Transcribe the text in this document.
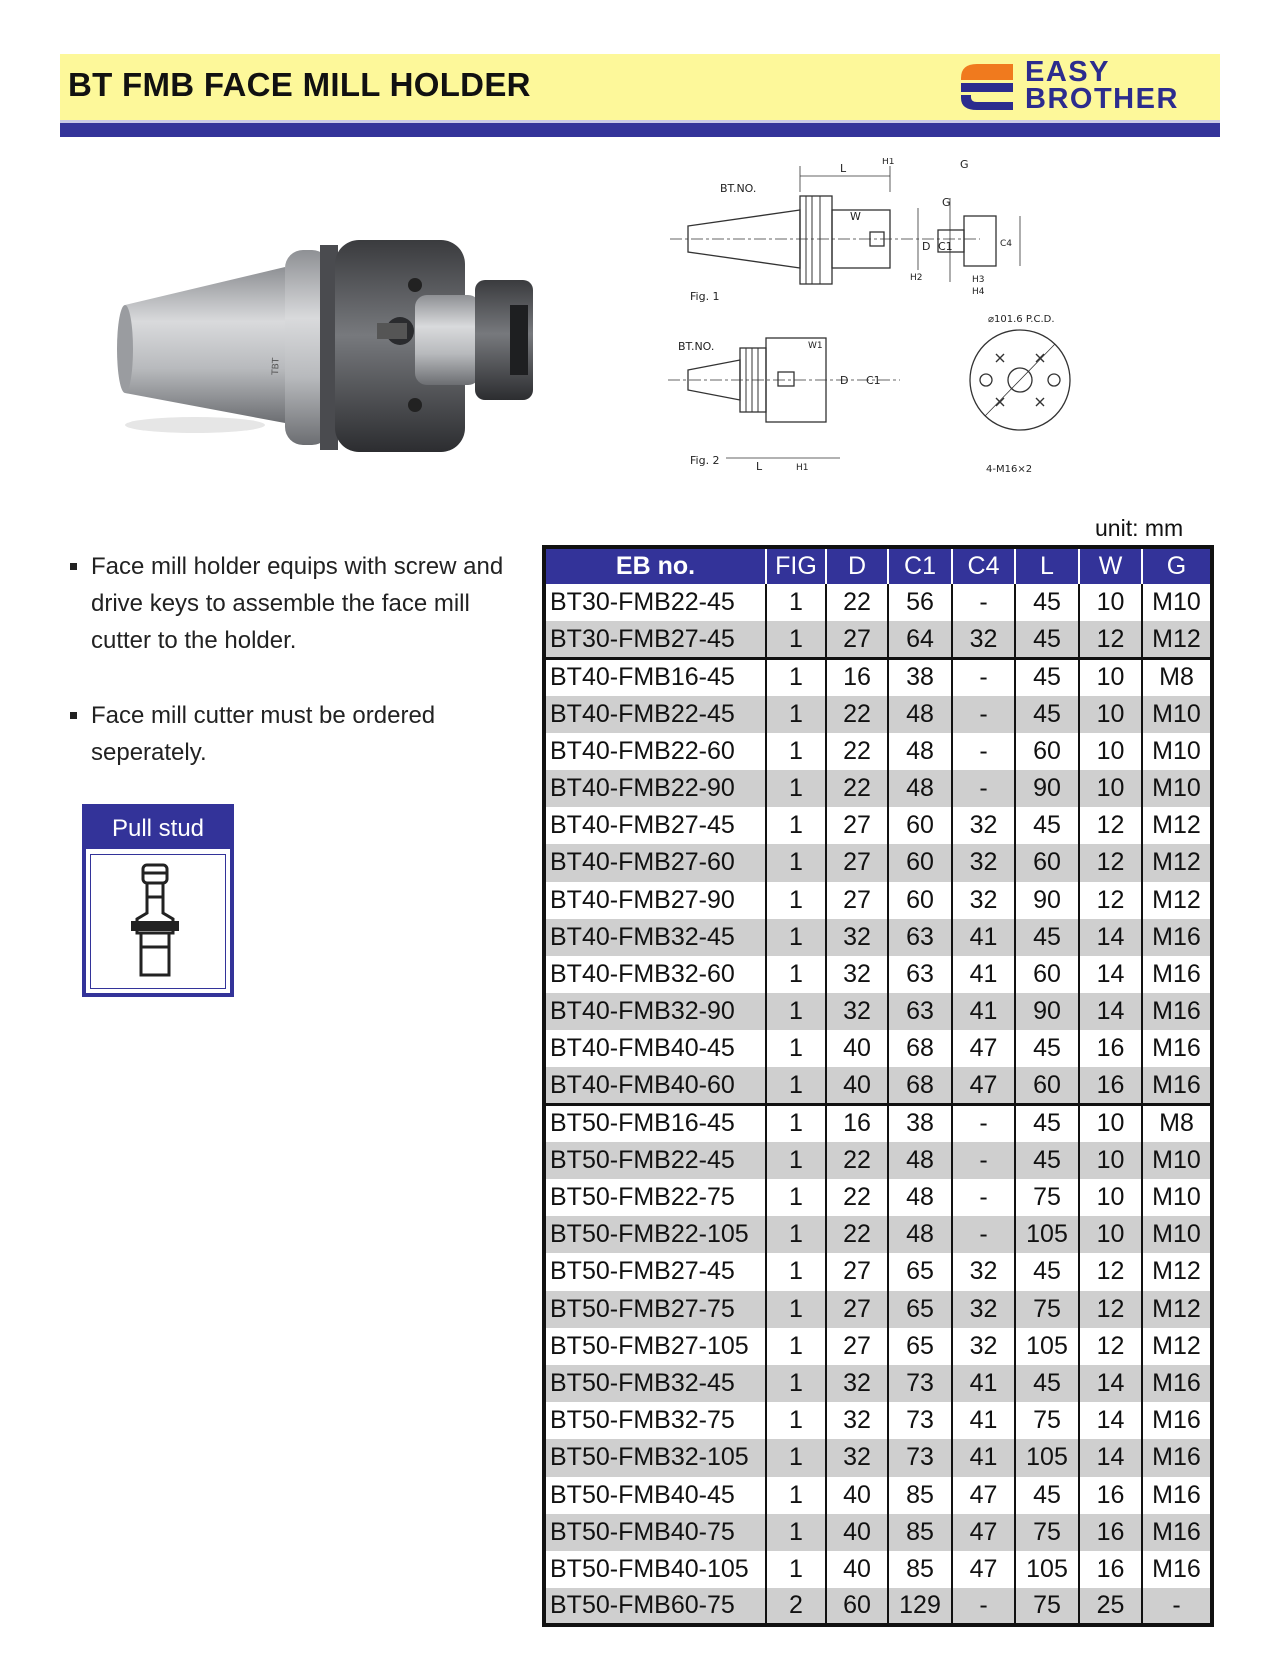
BT FMB FACE MILL HOLDER	EASY
BROTHER
TBT
BT.NO.
L	H1
W
D C1
H2
G
Fig. 1
G
C4
H3
H4
BT.NO.	W1
D C1
L	H1
Fig. 2
⌀101.6 P.C.D.
4-M16×2
Face mill holder equips with screw and drive keys to assemble the face mill cutter to the holder.
Face mill cutter must be ordered seperately.
Pull stud
unit: mm
EB no.	FIG	D	C1	C4	L	W	G
BT30-FMB22-45	1	22	56	-	45	10	M10
BT30-FMB27-45	1	27	64	32	45	12	M12
BT40-FMB16-45	1	16	38	-	45	10	M8
BT40-FMB22-45	1	22	48	-	45	10	M10
BT40-FMB22-60	1	22	48	-	60	10	M10
BT40-FMB22-90	1	22	48	-	90	10	M10
BT40-FMB27-45	1	27	60	32	45	12	M12
BT40-FMB27-60	1	27	60	32	60	12	M12
BT40-FMB27-90	1	27	60	32	90	12	M12
BT40-FMB32-45	1	32	63	41	45	14	M16
BT40-FMB32-60	1	32	63	41	60	14	M16
BT40-FMB32-90	1	32	63	41	90	14	M16
BT40-FMB40-45	1	40	68	47	45	16	M16
BT40-FMB40-60	1	40	68	47	60	16	M16
BT50-FMB16-45	1	16	38	-	45	10	M8
BT50-FMB22-45	1	22	48	-	45	10	M10
BT50-FMB22-75	1	22	48	-	75	10	M10
BT50-FMB22-105	1	22	48	-	105	10	M10
BT50-FMB27-45	1	27	65	32	45	12	M12
BT50-FMB27-75	1	27	65	32	75	12	M12
BT50-FMB27-105	1	27	65	32	105	12	M12
BT50-FMB32-45	1	32	73	41	45	14	M16
BT50-FMB32-75	1	32	73	41	75	14	M16
BT50-FMB32-105	1	32	73	41	105	14	M16
BT50-FMB40-45	1	40	85	47	45	16	M16
BT50-FMB40-75	1	40	85	47	75	16	M16
BT50-FMB40-105	1	40	85	47	105	16	M16
BT50-FMB60-75	2	60	129	-	75	25	-
